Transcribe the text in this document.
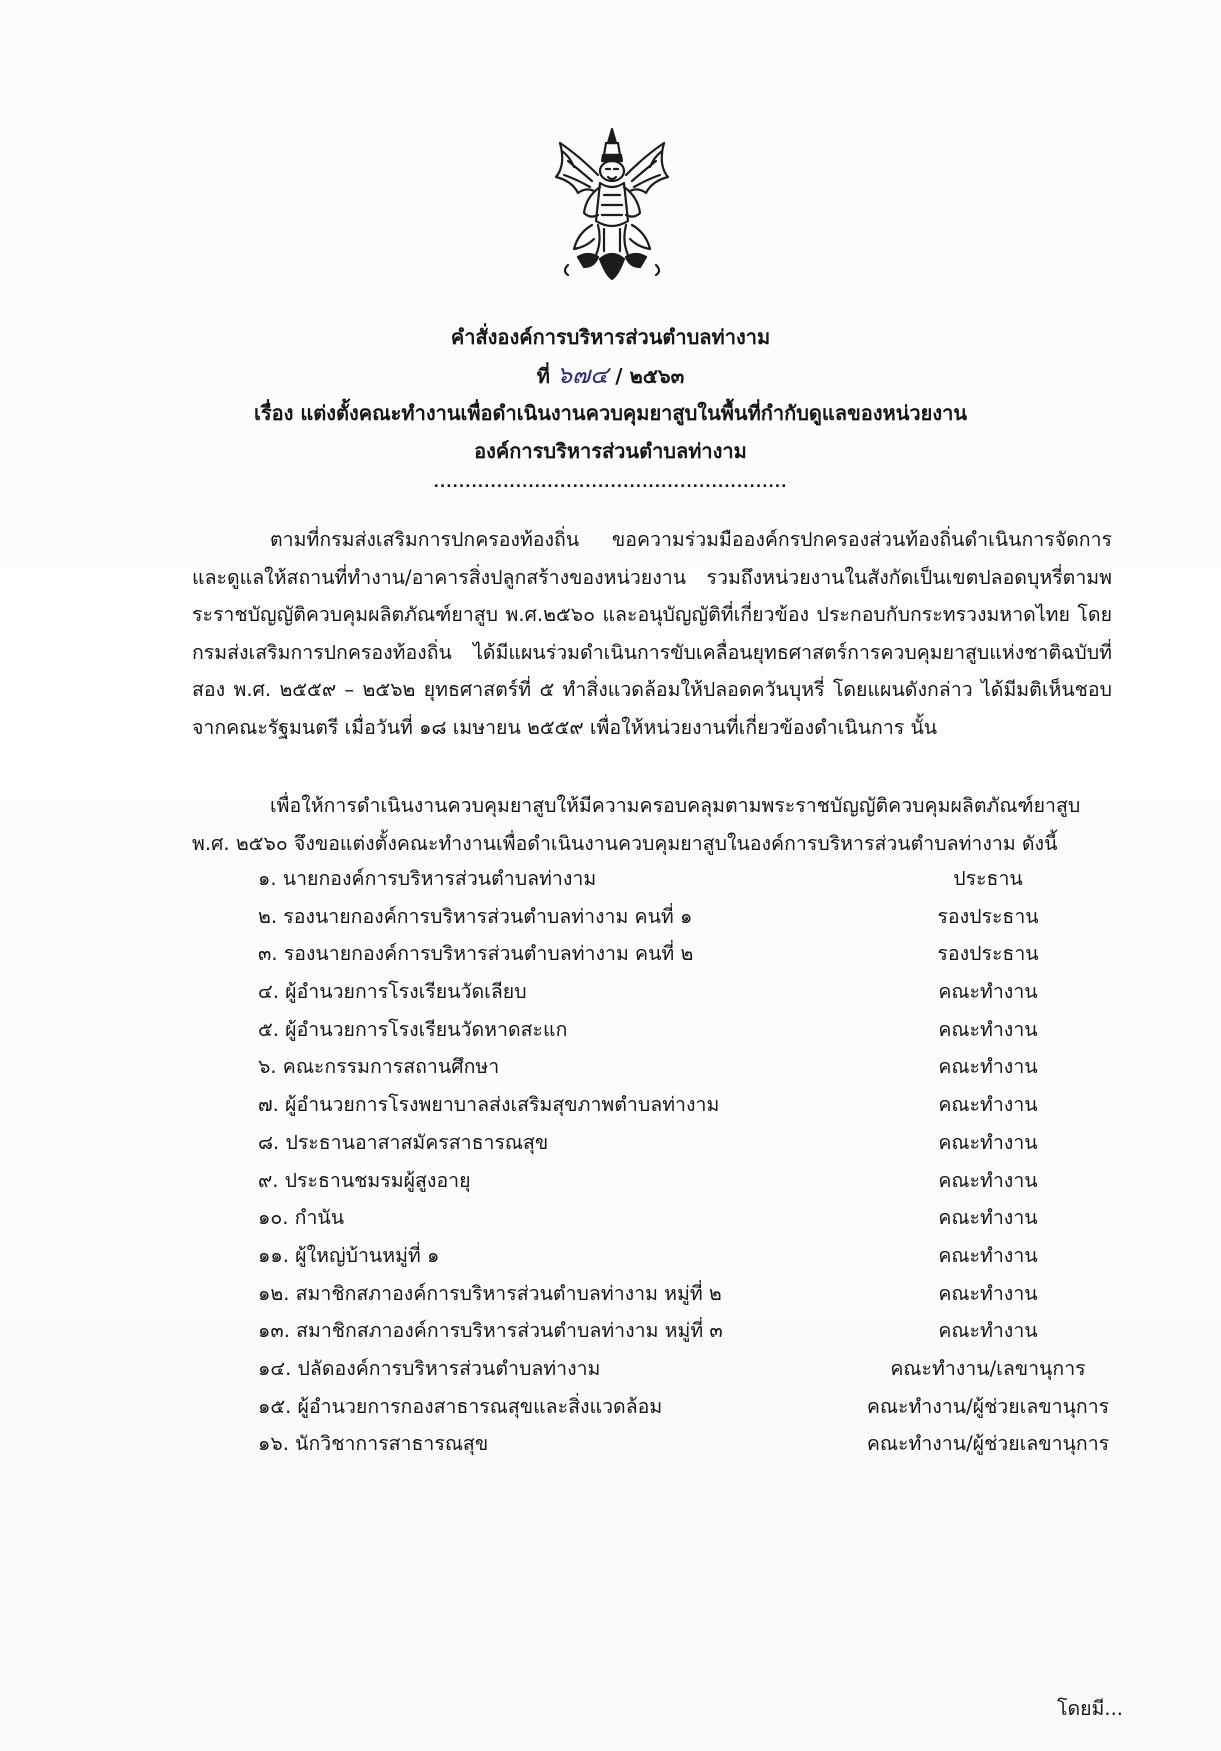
คำสั่งองค์การบริหารส่วนตำบลท่างาม
ที่ ๖๗๔ / ๒๕๖๓
เรื่อง แต่งตั้งคณะทำงานเพื่อดำเนินงานควบคุมยาสูบในพื้นที่กำกับดูแลของหน่วยงาน
องค์การบริหารส่วนตำบลท่างาม
........................................................

ตามที่กรมส่งเสริมการปกครองท้องถิ่น ขอความร่วมมือองค์กรปกครองส่วนท้องถิ่นดำเนินการจัดการและดูแลให้สถานที่ทำงาน/อาคารสิ่งปลูกสร้างของหน่วยงาน รวมถึงหน่วยงานในสังกัดเป็นเขตปลอดบุหรี่ตามพระราชบัญญัติควบคุมผลิตภัณฑ์ยาสูบ พ.ศ.๒๕๖๐ และอนุบัญญัติที่เกี่ยวข้อง ประกอบกับกระทรวงมหาดไทย โดยกรมส่งเสริมการปกครองท้องถิ่น ได้มีแผนร่วมดำเนินการขับเคลื่อนยุทธศาสตร์การควบคุมยาสูบแห่งชาติฉบับที่สอง พ.ศ. ๒๕๕๙ – ๒๕๖๒ ยุทธศาสตร์ที่ ๕ ทำสิ่งแวดล้อมให้ปลอดควันบุหรี่ โดยแผนดังกล่าว ได้มีมติเห็นชอบจากคณะรัฐมนตรี เมื่อวันที่ ๑๘ เมษายน ๒๕๕๙ เพื่อให้หน่วยงานที่เกี่ยวข้องดำเนินการ นั้น

เพื่อให้การดำเนินงานควบคุมยาสูบให้มีความครอบคลุมตามพระราชบัญญัติควบคุมผลิตภัณฑ์ยาสูบ พ.ศ. ๒๕๖๐ จึงขอแต่งตั้งคณะทำงานเพื่อดำเนินงานควบคุมยาสูบในองค์การบริหารส่วนตำบลท่างาม ดังนี้

๑. นายกองค์การบริหารส่วนตำบลท่างาม	ประธาน
๒. รองนายกองค์การบริหารส่วนตำบลท่างาม คนที่ ๑	รองประธาน
๓. รองนายกองค์การบริหารส่วนตำบลท่างาม คนที่ ๒	รองประธาน
๔. ผู้อำนวยการโรงเรียนวัดเลียบ	คณะทำงาน
๕. ผู้อำนวยการโรงเรียนวัดหาดสะแก	คณะทำงาน
๖. คณะกรรมการสถานศึกษา	คณะทำงาน
๗. ผู้อำนวยการโรงพยาบาลส่งเสริมสุขภาพตำบลท่างาม	คณะทำงาน
๘. ประธานอาสาสมัครสาธารณสุข	คณะทำงาน
๙. ประธานชมรมผู้สูงอายุ	คณะทำงาน
๑๐. กำนัน	คณะทำงาน
๑๑. ผู้ใหญ่บ้านหมู่ที่ ๑	คณะทำงาน
๑๒. สมาชิกสภาองค์การบริหารส่วนตำบลท่างาม หมู่ที่ ๒	คณะทำงาน
๑๓. สมาชิกสภาองค์การบริหารส่วนตำบลท่างาม หมู่ที่ ๓	คณะทำงาน
๑๔. ปลัดองค์การบริหารส่วนตำบลท่างาม	คณะทำงาน/เลขานุการ
๑๕. ผู้อำนวยการกองสาธารณสุขและสิ่งแวดล้อม	คณะทำงาน/ผู้ช่วยเลขานุการ
๑๖. นักวิชาการสาธารณสุข	คณะทำงาน/ผู้ช่วยเลขานุการ
โดยมี...
